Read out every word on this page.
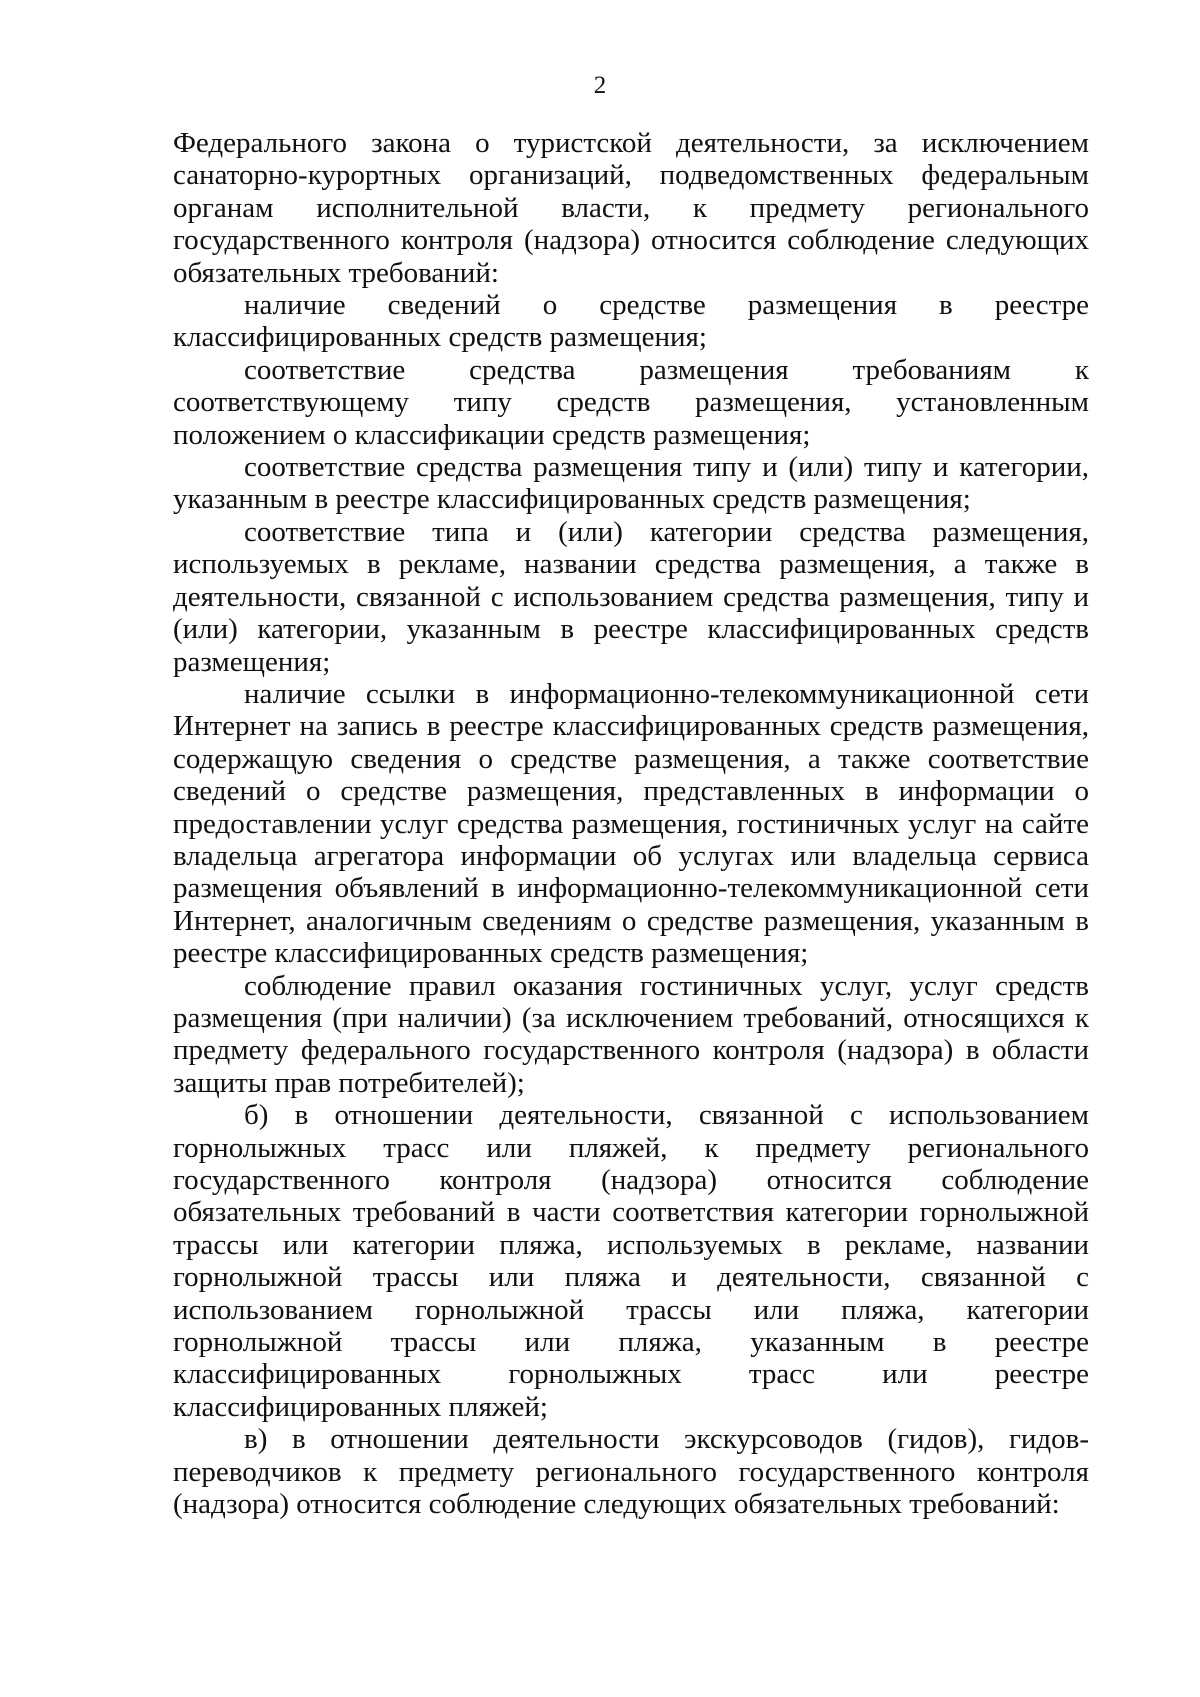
2

Федерального закона о туристской деятельности, за исключением санаторно-курортных организаций, подведомственных федеральным органам исполнительной власти, к предмету регионального государственного контроля (надзора) относится соблюдение следующих обязательных требований:

наличие сведений о средстве размещения в реестре классифицированных средств размещения;

соответствие средства размещения требованиям к соответствующему типу средств размещения, установленным положением о классификации средств размещения;

соответствие средства размещения типу и (или) типу и категории, указанным в реестре классифицированных средств размещения;

соответствие типа и (или) категории средства размещения, используемых в рекламе, названии средства размещения, а также в деятельности, связанной с использованием средства размещения, типу и (или) категории, указанным в реестре классифицированных средств размещения;

наличие ссылки в информационно-телекоммуникационной сети Интернет на запись в реестре классифицированных средств размещения, содержащую сведения о средстве размещения, а также соответствие сведений о средстве размещения, представленных в информации о предоставлении услуг средства размещения, гостиничных услуг на сайте владельца агрегатора информации об услугах или владельца сервиса размещения объявлений в информационно-телекоммуникационной сети Интернет, аналогичным сведениям о средстве размещения, указанным в реестре классифицированных средств размещения;

соблюдение правил оказания гостиничных услуг, услуг средств размещения (при наличии) (за исключением требований, относящихся к предмету федерального государственного контроля (надзора) в области защиты прав потребителей);

б) в отношении деятельности, связанной с использованием горнолыжных трасс или пляжей, к предмету регионального государственного контроля (надзора) относится соблюдение обязательных требований в части соответствия категории горнолыжной трассы или категории пляжа, используемых в рекламе, названии горнолыжной трассы или пляжа и деятельности, связанной с использованием горнолыжной трассы или пляжа, категории горнолыжной трассы или пляжа, указанным в реестре классифицированных горнолыжных трасс или реестре классифицированных пляжей;

в) в отношении деятельности экскурсоводов (гидов), гидов-переводчиков к предмету регионального государственного контроля (надзора) относится соблюдение следующих обязательных требований:
